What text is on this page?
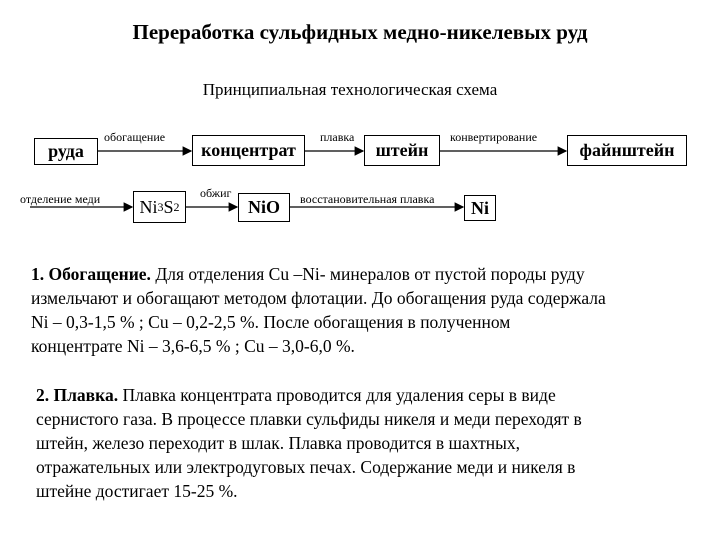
Переработка сульфидных медно-никелевых руд
Принципиальная технологическая схема
руда	концентрат	штейн	файнштейн
Ni 3 S 2	NiO	Ni
обогащение	плавка	конвертирование
отделение меди	обжиг	восстановительная плавка
1. Обогащение. Для отделения Cu –Ni- минералов от пустой породы руду
измельчают и обогащают методом флотации. До обогащения руда содержала
Ni – 0,3-1,5 % ; Cu – 0,2-2,5 %. После обогащения в полученном
концентрате Ni – 3,6-6,5 % ; Cu – 3,0-6,0 %.
2. Плавка. Плавка концентрата проводится для удаления серы в виде
сернистого газа. В процессе плавки сульфиды никеля и меди переходят в
штейн, железо переходит в шлак. Плавка проводится в шахтных,
отражательных или электродуговых печах. Содержание меди и никеля в
штейне достигает 15-25 %.
